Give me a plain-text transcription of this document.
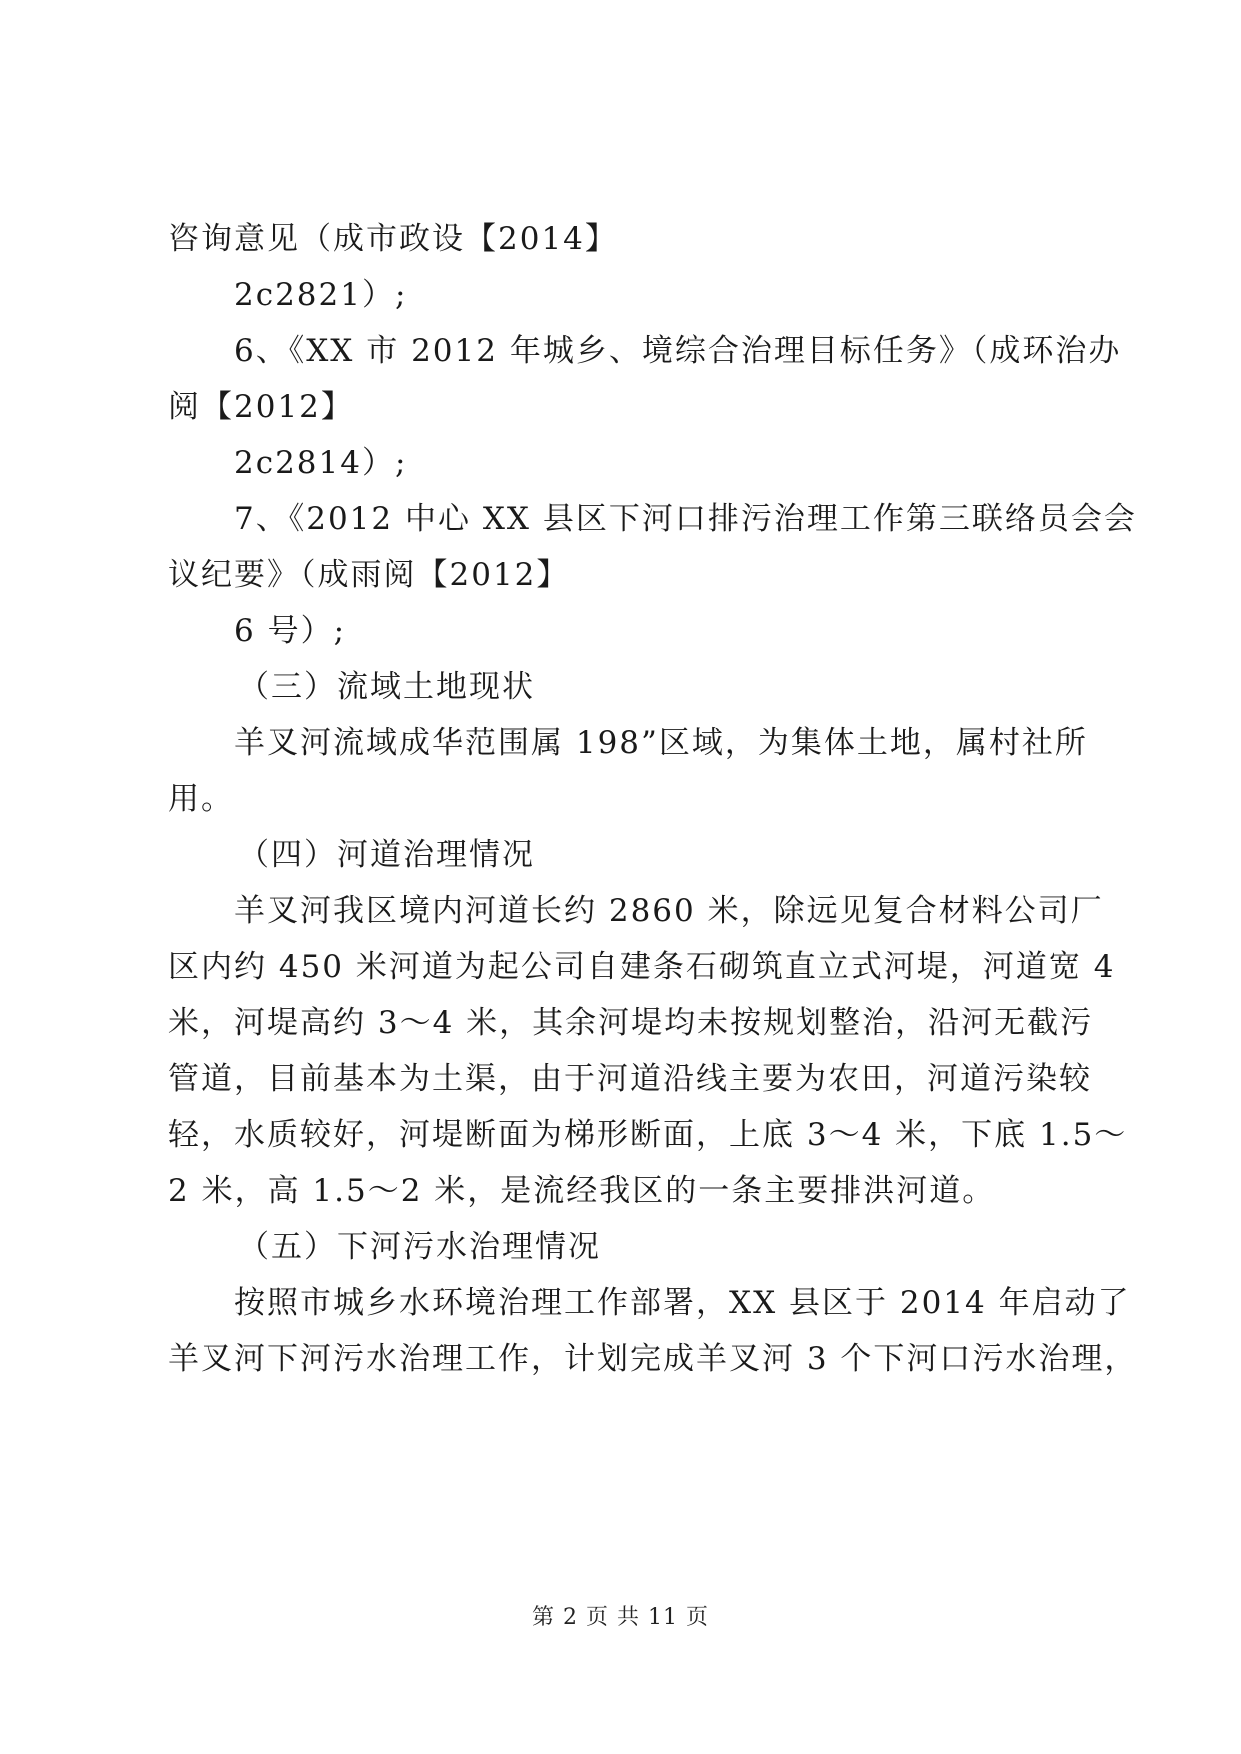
咨询意见（成市政设【2014】
2c2821）;
6、《XX 市 2012 年城乡、境综合治理目标任务》（成环治办
阅【2012】
2c2814）;
7、《2012 中心 XX 县区下河口排污治理工作第三联络员会会
议纪要》（成雨阅【2012】
6 号）;
（三）流域土地现状
羊叉河流域成华范围属 198”区域，为集体土地，属村社所
用。
（四）河道治理情况
羊叉河我区境内河道长约 2860 米，除远见复合材料公司厂
区内约 450 米河道为起公司自建条石砌筑直立式河堤，河道宽 4
米，河堤高约 3～4 米，其余河堤均未按规划整治，沿河无截污
管道，目前基本为土渠，由于河道沿线主要为农田，河道污染较
轻，水质较好，河堤断面为梯形断面，上底 3～4 米，下底 1.5～
2 米，高 1.5～2 米，是流经我区的一条主要排洪河道。
（五）下河污水治理情况
按照市城乡水环境治理工作部署，XX 县区于 2014 年启动了
羊叉河下河污水治理工作，计划完成羊叉河 3 个下河口污水治理，
第 2 页 共 11 页
